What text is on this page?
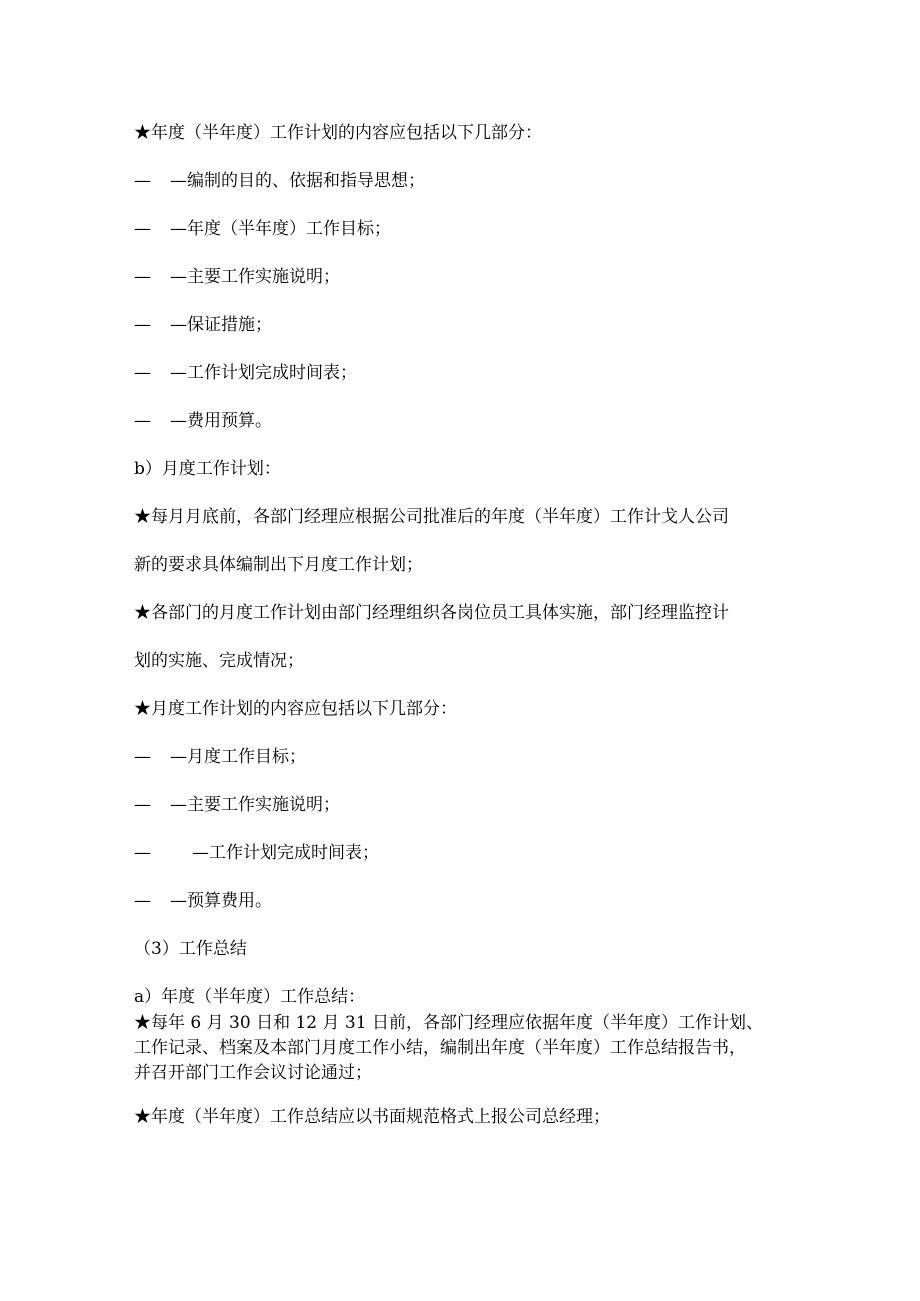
★年度（半年度）工作计划的内容应包括以下几部分：
— —编制的目的、依据和指导思想；
— —年度（半年度）工作目标；
— —主要工作实施说明；
— —保证措施；
— —工作计划完成时间表；
— —费用预算。
b）月度工作计划：
★每月月底前，各部门经理应根据公司批准后的年度（半年度）工作计戈人公司
新的要求具体编制出下月度工作计划；
★各部门的月度工作计划由部门经理组织各岗位员工具体实施，部门经理监控计
划的实施、完成情况；
★月度工作计划的内容应包括以下几部分：
— —月度工作目标；
— —主要工作实施说明；
— —工作计划完成时间表；
— —预算费用。
（3）工作总结
a）年度（半年度）工作总结：
★每年 6 月 30 日和 12 月 31 日前，各部门经理应依据年度（半年度）工作计划、
工作记录、档案及本部门月度工作小结，编制出年度（半年度）工作总结报告书，
并召开部门工作会议讨论通过；
★年度（半年度）工作总结应以书面规范格式上报公司总经理；
